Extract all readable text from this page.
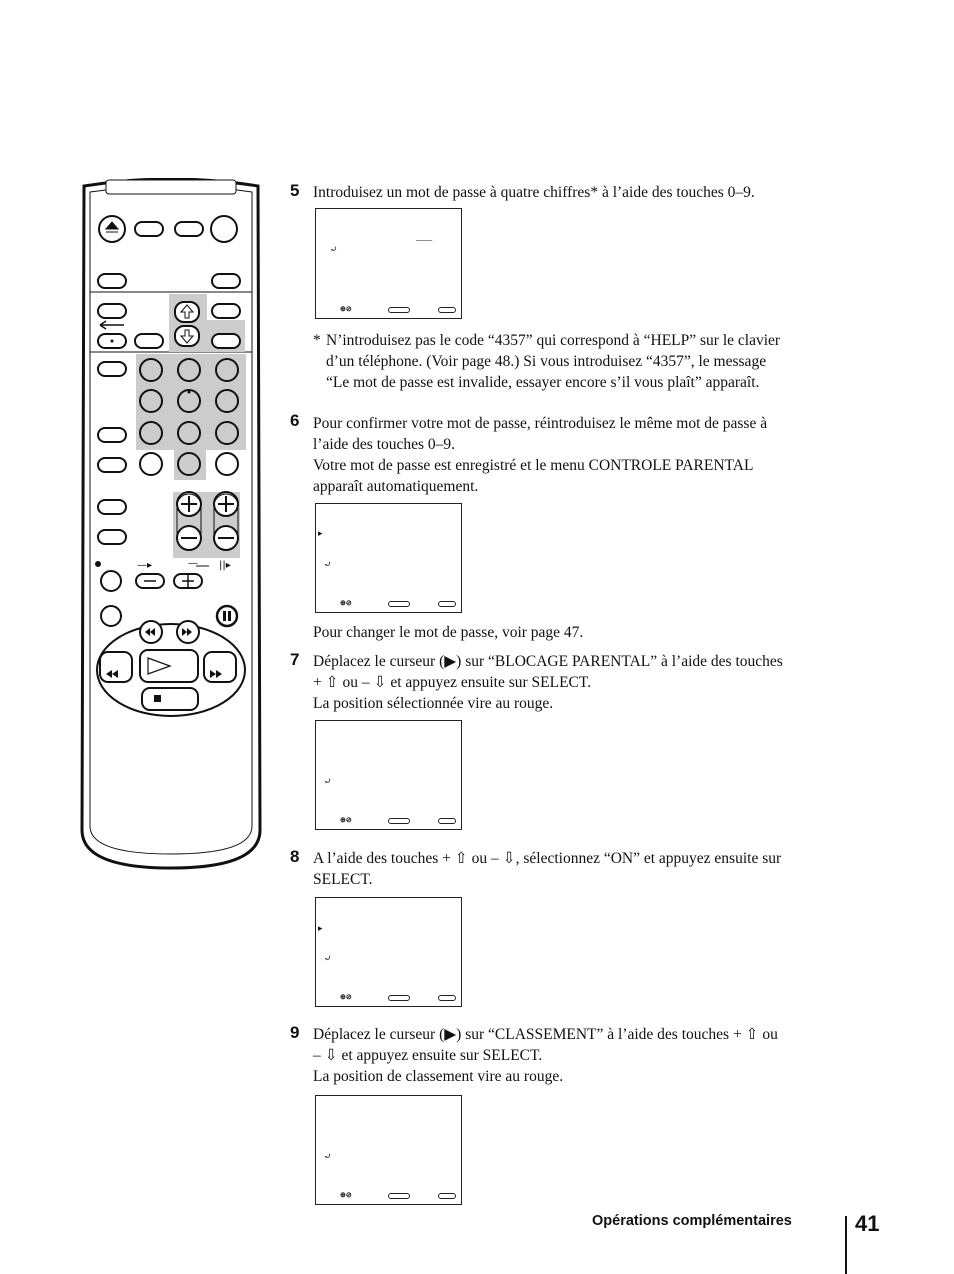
—▸	— ||▸
5 Introduisez un mot de passe à quatre chiffres* à l’aide des touches 0–9.
⤾
___ _
⊕⊘
* N’introduisez pas le code “4357” qui correspond à “HELP” sur le clavier
d’un téléphone. (Voir page 48.) Si vous introduisez “4357”, le message
“Le mot de passe est invalide, essayer encore s’il vous plaît” apparaît.
6 Pour confirmer votre mot de passe, réintroduisez le même mot de passe à
l’aide des touches 0–9.
Votre mot de passe est enregistré et le menu CONTROLE PARENTAL
apparaît automatiquement.
▸
⤾
⊕⊘
Pour changer le mot de passe, voir page 47.
7 Déplacez le curseur (▶) sur “BLOCAGE PARENTAL” à l’aide des touches
+ ⇧ ou – ⇩ et appuyez ensuite sur SELECT.
La position sélectionnée vire au rouge.
⤾
⊕⊘
8 A l’aide des touches + ⇧ ou – ⇩, sélectionnez “ON” et appuyez ensuite sur
SELECT.
▸
⤾
⊕⊘
9 Déplacez le curseur (▶) sur “CLASSEMENT” à l’aide des touches + ⇧ ou
– ⇩ et appuyez ensuite sur SELECT.
La position de classement vire au rouge.
⤾
⊕⊘
Opérations complémentaires	41
